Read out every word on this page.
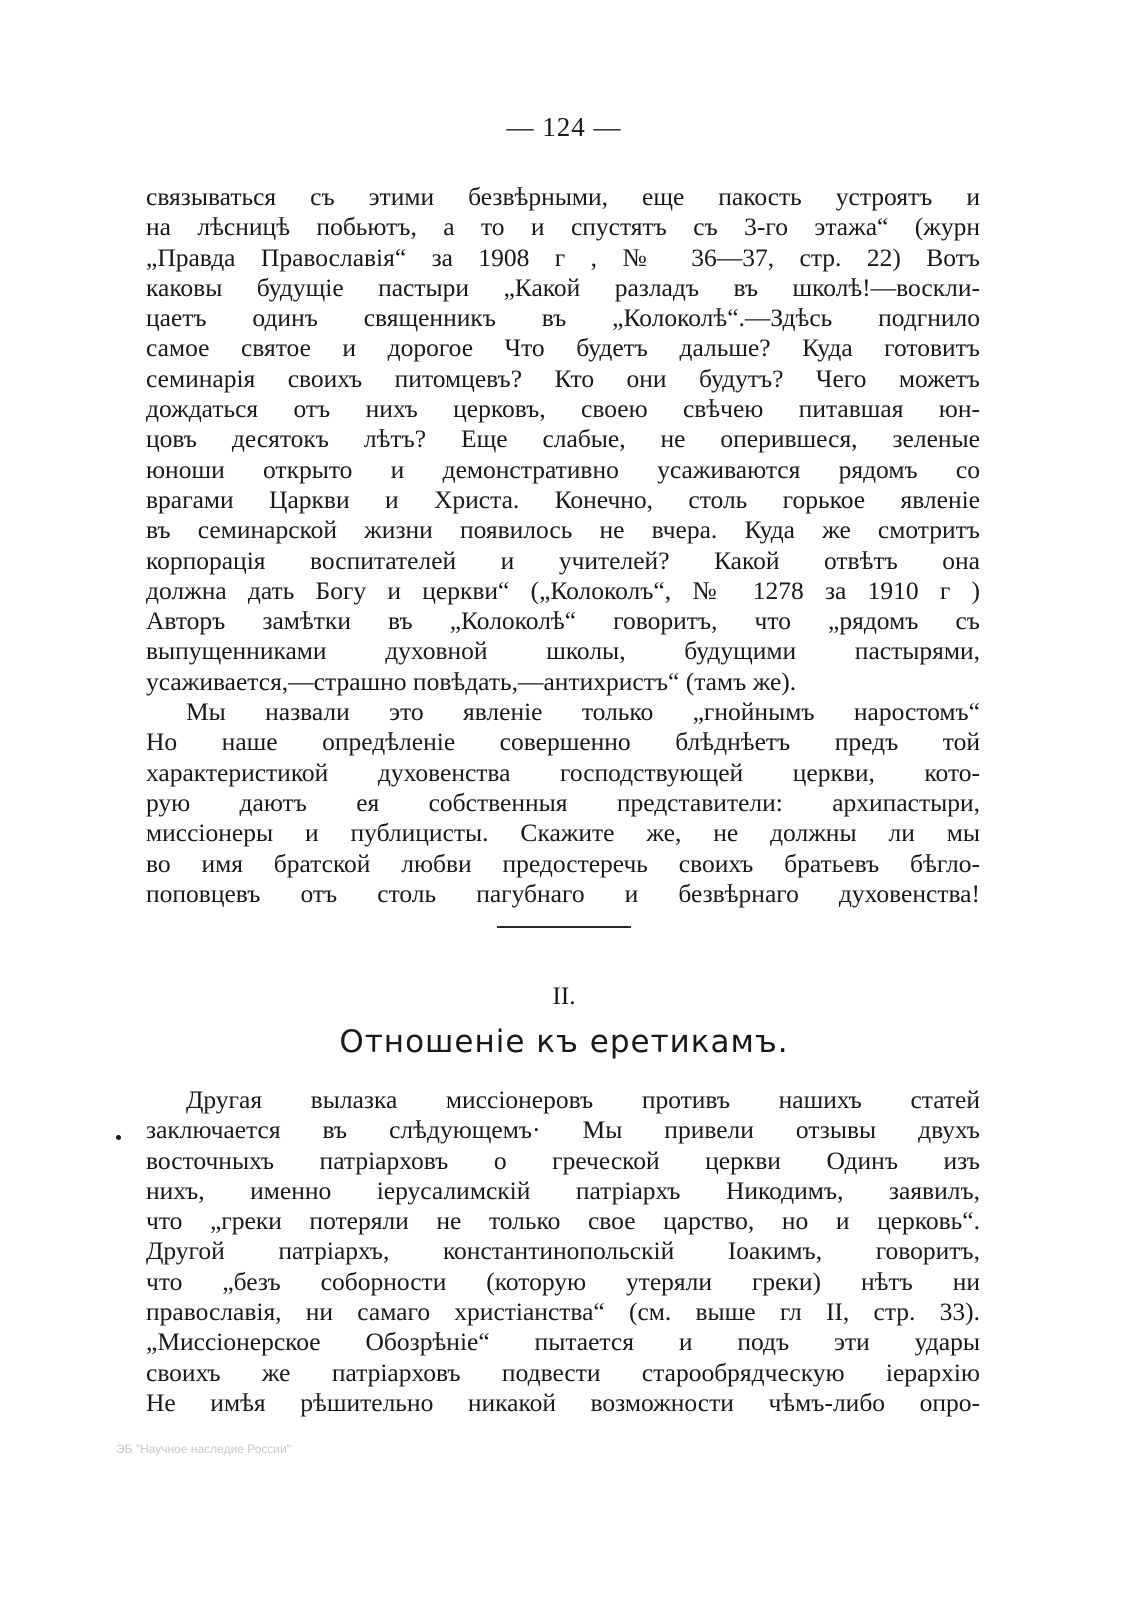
— 124 —
связываться съ этими безвѣрными, еще пакость устроятъ и
на лѣсницѣ побьютъ, а то и спустятъ съ 3-го этажа“ (журн
„Правда Православія“ за 1908 г , № 36—37, стр. 22) Вотъ
каковы будущіе пастыри „Какой разладъ въ школѣ!—воскли-
цаетъ одинъ священникъ въ „Колоколѣ“.—Здѣсь подгнило
самое святое и дорогое Что будетъ дальше? Куда готовитъ
семинарія своихъ питомцевъ? Кто они будутъ? Чего можетъ
дождаться отъ нихъ церковъ, своею свѣчею питавшая юн-
цовъ десятокъ лѣтъ? Еще слабые, не оперившеся, зеленые
юноши открыто и демонстративно усаживаются рядомъ со
врагами Царкви и Христа. Конечно, столь горькое явленіе
въ семинарской жизни появилось не вчера. Куда же смотритъ
корпорація воспитателей и учителей? Какой отвѣтъ она
должна дать Богу и церкви“ („Колоколъ“, № 1278 за 1910 г )
Авторъ замѣтки въ „Колоколѣ“ говоритъ, что „рядомъ съ
выпущенниками духовной школы, будущими пастырями,
усаживается,—страшно повѣдать,—антихристъ“ (тамъ же).
Мы назвали это явленіе только „гнойнымъ наростомъ“
Но наше опредѣленіе совершенно блѣднѣетъ предъ той
характеристикой духовенства господствующей церкви, кото-
рую даютъ ея собственныя представители: архипастыри,
миссіонеры и публицисты. Скажите же, не должны ли мы
во имя братской любви предостеречь своихъ братьевъ бѣгло-
поповцевъ отъ столь пагубнаго и безвѣрнаго духовенства!
II.
Отношеніе къ еретикамъ.
Другая вылазка миссіонеровъ противъ нашихъ статей
заключается въ слѣдующемъ· Мы привели отзывы двухъ
восточныхъ патріарховъ о греческой церкви Одинъ изъ
нихъ, именно іерусалимскій патріархъ Никодимъ, заявилъ,
что „греки потеряли не только свое царство, но и церковь“.
Другой патріархъ, константинопольскій Іоакимъ, говоритъ,
что „безъ соборности (которую утеряли греки) нѣтъ ни
православія, ни самаго христіанства“ (см. выше гл II, стр. 33).
„Миссіонерское Обозрѣніе“ пытается и подъ эти удары
своихъ же патріарховъ подвести старообрядческую іерархію
Не имѣя рѣшительно никакой возможности чѣмъ-либо опро-
ЭБ "Научное наследие России"
